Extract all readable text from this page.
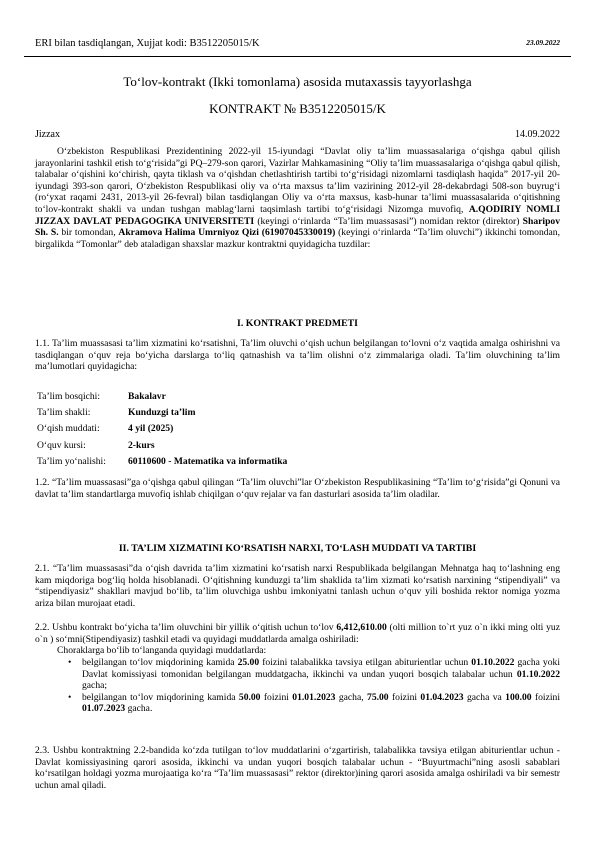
ERI bilan tasdiqlangan, Xujjat kodi: B3512205015/K	23.09.2022
To‘lov-kontrakt (Ikki tomonlama) asosida mutaxassis tayyorlashga
KONTRAKT № B3512205015/K
Jizzax	14.09.2022
O‘zbekiston Respublikasi Prezidentining 2022-yil 15-iyundagi “Davlat oliy ta’lim muassasalariga o‘qishga qabul qilish jarayonlarini tashkil etish to‘g‘risida”gi PQ–279-son qarori, Vazirlar Mahkamasining “Oliy ta’lim muassasalariga o‘qishga qabul qilish, talabalar o‘qishini ko‘chirish, qayta tiklash va o‘qishdan chetlashtirish tartibi to‘g‘risidagi nizomlarni tasdiqlash haqida” 2017-yil 20-iyundagi 393-son qarori, O‘zbekiston Respublikasi oliy va o‘rta maxsus ta’lim vazirining 2012-yil 28-dekabrdagi 508-son buyrug‘i (ro‘yxat raqami 2431, 2013-yil 26-fevral) bilan tasdiqlangan Oliy va o‘rta maxsus, kasb-hunar ta’limi muassasalarida o‘qitishning to‘lov-kontrakt shakli va undan tushgan mablag‘larni taqsimlash tartibi to‘g‘risidagi Nizomga muvofiq, A.QODIRIY NOMLI JIZZAX DAVLAT PEDAGOGIKA UNIVERSITETI (keyingi o‘rinlarda “Ta’lim muassasasi”) nomidan rektor (direktor) Sharipov Sh. S. bir tomondan, Akramova Halima Umrniyoz Qizi (61907045330019) (keyingi o‘rinlarda “Ta’lim oluvchi”) ikkinchi tomondan, birgalikda “Tomonlar” deb ataladigan shaxslar mazkur kontraktni quyidagicha tuzdilar:
I. KONTRAKT PREDMETI
1.1. Ta’lim muassasasi ta’lim xizmatini ko‘rsatishni, Ta’lim oluvchi o‘qish uchun belgilangan to‘lovni o‘z vaqtida amalga oshirishni va tasdiqlangan o‘quv reja bo‘yicha darslarga to‘liq qatnashish va ta’lim olishni o‘z zimmalariga oladi. Ta’lim oluvchining ta’lim ma’lumotlari quyidagicha:
Ta’lim bosqichi:	Bakalavr
Ta’lim shakli:	Kunduzgi ta’lim
O‘qish muddati:	4 yil (2025)
O‘quv kursi:	2-kurs
Ta’lim yo‘nalishi:	60110600 - Matematika va informatika
1.2. “Ta’lim muassasasi”ga o‘qishga qabul qilingan “Ta’lim oluvchi”lar O‘zbekiston Respublikasining “Ta’lim to‘g‘risida”gi Qonuni va davlat ta’lim standartlarga muvofiq ishlab chiqilgan o‘quv rejalar va fan dasturlari asosida ta’lim oladilar.
II. TA’LIM XIZMATINI KO‘RSATISH NARXI, TO‘LASH MUDDATI VA TARTIBI
2.1. “Ta’lim muassasasi”da o‘qish davrida ta’lim xizmatini ko‘rsatish narxi Respublikada belgilangan Mehnatga haq to‘lashning eng kam miqdoriga bog‘liq holda hisoblanadi. O‘qitishning kunduzgi ta’lim shaklida ta’lim xizmati ko‘rsatish narxining “stipendiyali” va “stipendiyasiz” shakllari mavjud bo‘lib, ta’lim oluvchiga ushbu imkoniyatni tanlash uchun o‘quv yili boshida rektor nomiga yozma ariza bilan murojaat etadi.
2.2. Ushbu kontrakt bo‘yicha ta’lim oluvchini bir yillik o‘qitish uchun to‘lov 6,412,610.00 (olti million to`rt yuz o`n ikki ming olti yuz o`n ) so‘mni(Stipendiyasiz) tashkil etadi va quyidagi muddatlarda amalga oshiriladi:
Choraklarga bo‘lib to‘langanda quyidagi muddatlarda:
• belgilangan to‘lov miqdorining kamida 25.00 foizini talabalikka tavsiya etilgan abiturientlar uchun 01.10.2022 gacha yoki Davlat komissiyasi tomonidan belgilangan muddatgacha, ikkinchi va undan yuqori bosqich talabalar uchun 01.10.2022 gacha;
• belgilangan to‘lov miqdorining kamida 50.00 foizini 01.01.2023 gacha, 75.00 foizini 01.04.2023 gacha va 100.00 foizini 01.07.2023 gacha.
2.3. Ushbu kontraktning 2.2-bandida ko‘zda tutilgan to‘lov muddatlarini o‘zgartirish, talabalikka tavsiya etilgan abiturientlar uchun - Davlat komissiyasining qarori asosida, ikkinchi va undan yuqori bosqich talabalar uchun - “Buyurtmachi”ning asosli sabablari ko‘rsatilgan holdagi yozma murojaatiga ko‘ra “Ta’lim muassasasi” rektor (direktor)ining qarori asosida amalga oshiriladi va bir semestr uchun amal qiladi.
